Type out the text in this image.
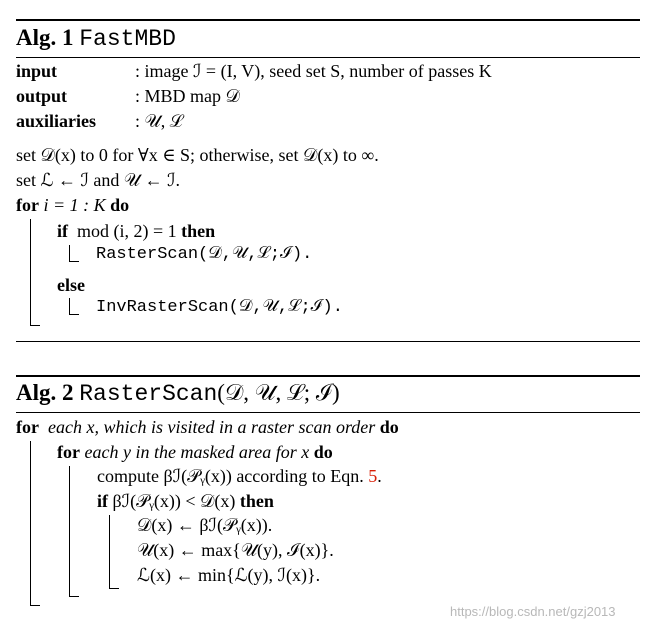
Alg. 1 FastMBD
input	: image ℐ = (I, V), seed set S, number of passes K
output	: MBD map 𝒟
auxiliaries : 𝒰, ℒ
set 𝒟(x) to 0 for ∀x ∈ S; otherwise, set 𝒟(x) to ∞.
set ℒ ← ℐ and 𝒰 ← ℐ.
for i = 1 : K do
if mod (i, 2) = 1 then
RasterScan(𝒟,𝒰,ℒ;ℐ).
else
InvRasterScan(𝒟,𝒰,ℒ;ℐ).
Alg. 2 RasterScan(𝒟, 𝒰, ℒ; ℐ)
for each x, which is visited in a raster scan order do
for each y in the masked area for x do
compute βℐ(𝒫ᵧ(x)) according to Eqn. 5.
if βℐ(𝒫ᵧ(x)) < 𝒟(x) then
𝒟(x) ← βℐ(𝒫ᵧ(x)).
𝒰(x) ← max{𝒰(y), ℐ(x)}.
ℒ(x) ← min{ℒ(y), ℐ(x)}.
https://blog.csdn.net/gzj2013
